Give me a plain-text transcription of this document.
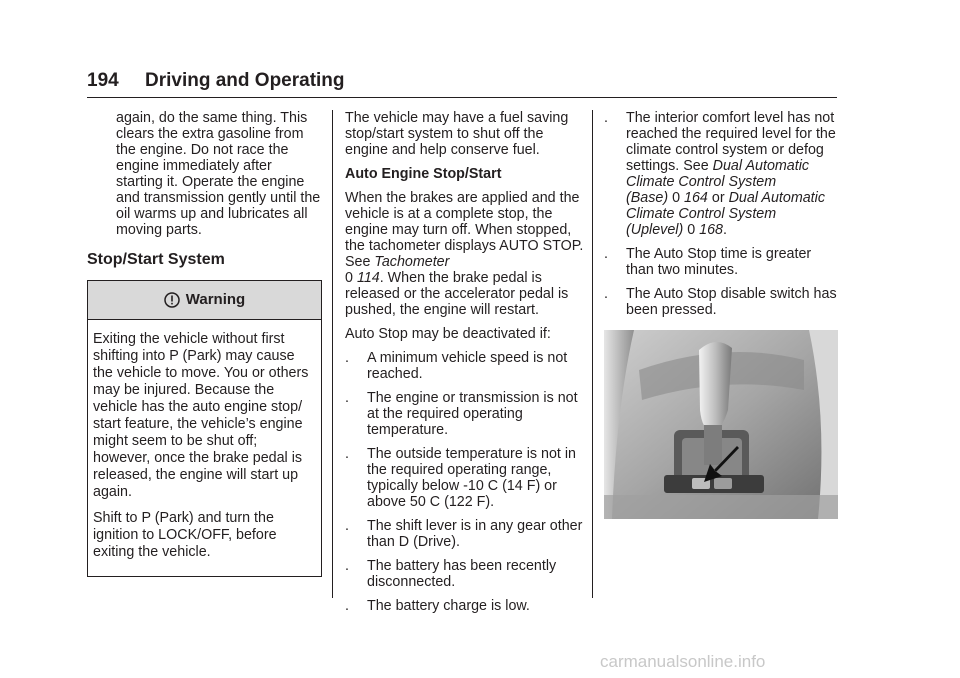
194 Driving and Operating

again, do the same thing. This clears the extra gasoline from the engine. Do not race the engine immediately after starting it. Operate the engine and transmission gently until the oil warms up and lubricates all moving parts.

Stop/Start System

Warning

Exiting the vehicle without first shifting into P (Park) may cause the vehicle to move. You or others may be injured. Because the vehicle has the auto engine stop/ start feature, the vehicle’s engine might seem to be shut off; however, once the brake pedal is released, the engine will start up again.

Shift to P (Park) and turn the ignition to LOCK/OFF, before exiting the vehicle.

The vehicle may have a fuel saving stop/start system to shut off the engine and help conserve fuel.

Auto Engine Stop/Start

When the brakes are applied and the vehicle is at a complete stop, the engine may turn off. When stopped, the tachometer displays AUTO STOP. See Tachometer
0 114. When the brake pedal is released or the accelerator pedal is pushed, the engine will restart.

Auto Stop may be deactivated if:

. A minimum vehicle speed is not reached.

. The engine or transmission is not at the required operating temperature.

. The outside temperature is not in the required operating range, typically below -10 C (14 F) or above 50 C (122 F).

. The shift lever is in any gear other than D (Drive).

. The battery has been recently disconnected.

. The battery charge is low.

. The interior comfort level has not reached the required level for the climate control system or defog settings. See Dual Automatic Climate Control System (Base) 0 164 or Dual Automatic Climate Control System (Uplevel) 0 168.

. The Auto Stop time is greater than two minutes.

. The Auto Stop disable switch has been pressed.

carmanualsonline.info
